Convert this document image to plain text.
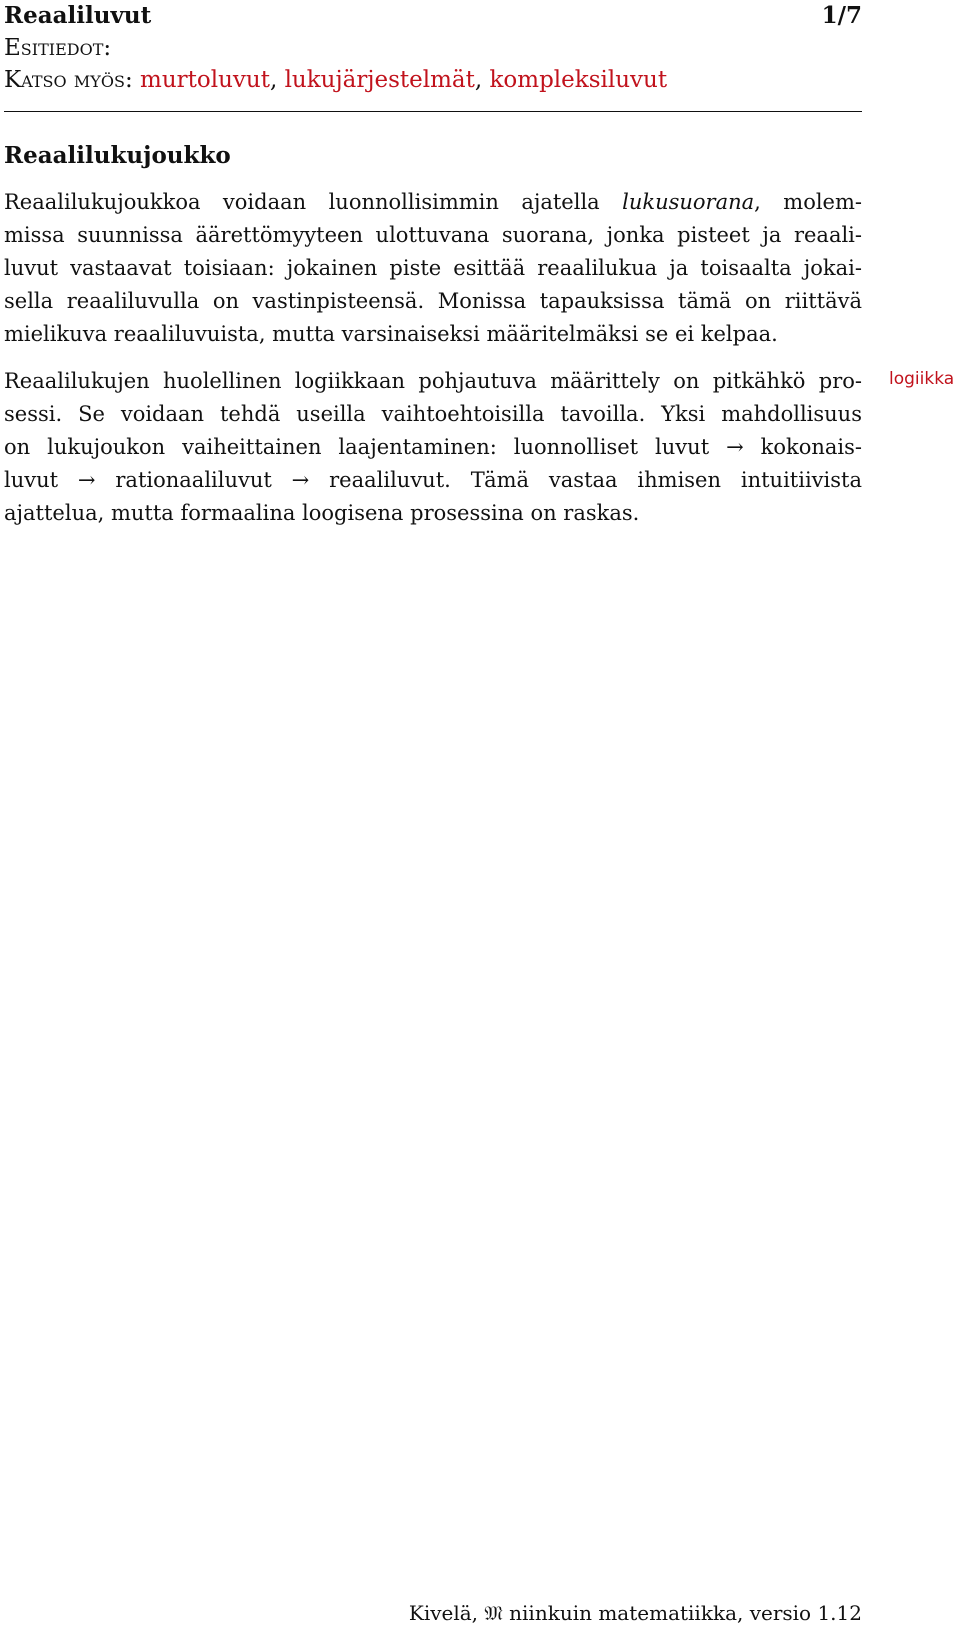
Reaaliluvut	1/7
Esitiedot:
Katso myös: murtoluvut, lukujärjestelmät, kompleksiluvut
Reaalilukujoukko
Reaalilukujoukkoa voidaan luonnollisimmin ajatella lukusuorana, molem-
missa suunnissa äärettömyyteen ulottuvana suorana, jonka pisteet ja reaali-
luvut vastaavat toisiaan: jokainen piste esittää reaalilukua ja toisaalta jokai-
sella reaaliluvulla on vastinpisteensä. Monissa tapauksissa tämä on riittävä
mielikuva reaaliluvuista, mutta varsinaiseksi määritelmäksi se ei kelpaa.
Reaalilukujen huolellinen logiikkaan pohjautuva määrittely on pitkähkö pro-
sessi. Se voidaan tehdä useilla vaihtoehtoisilla tavoilla. Yksi mahdollisuus
on lukujoukon vaiheittainen laajentaminen: luonnolliset luvut → kokonais-
luvut → rationaaliluvut → reaaliluvut. Tämä vastaa ihmisen intuitiivista
ajattelua, mutta formaalina loogisena prosessina on raskas.
Kivelä, 𝔐 niinkuin matematiikka, versio 1.12
logiikka
